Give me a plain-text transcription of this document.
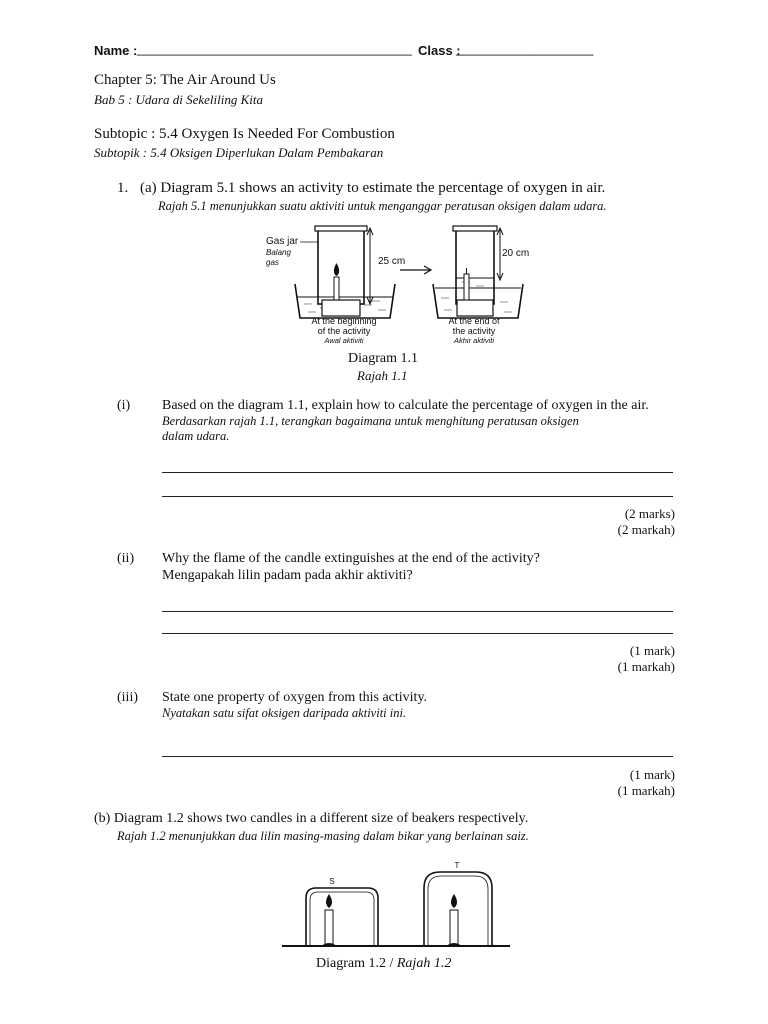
Name : ______________________________________ Class :
___________________
Chapter 5: The Air Around Us
Bab 5 : Udara di Sekeliling Kita
Subtopic : 5.4 Oxygen Is Needed For Combustion
Subtopik : 5.4 Oksigen Diperlukan Dalam Pembakaran
1. (a) Diagram 5.1 shows an activity to estimate the percentage of oxygen in air.
Rajah 5.1 menunjukkan suatu aktiviti untuk menganggar peratusan oksigen dalam udara.
Gas jar
Balang
gas	25 cm
At the beginning
of the activity
Awal aktiviti
20 cm
At the end of
the activity
Akhir aktiviti
Diagram 1.1
Rajah 1.1
(i) Based on the diagram 1.1, explain how to calculate the percentage of oxygen in the air.
Berdasarkan rajah 1.1, terangkan bagaimana untuk menghitung peratusan oksigen
dalam udara.
(2 marks)
(2 markah)
(ii) Why the flame of the candle extinguishes at the end of the activity?
Mengapakah lilin padam pada akhir aktiviti?
(1 mark)
(1 markah)
(iii) State one property of oxygen from this activity.
Nyatakan satu sifat oksigen daripada aktiviti ini.
(1 mark)
(1 markah)
(b) Diagram 1.2 shows two candles in a different size of beakers respectively.
Rajah 1.2 menunjukkan dua lilin masing-masing dalam bikar yang berlainan saiz.
S
T
Diagram 1.2 / Rajah 1.2
